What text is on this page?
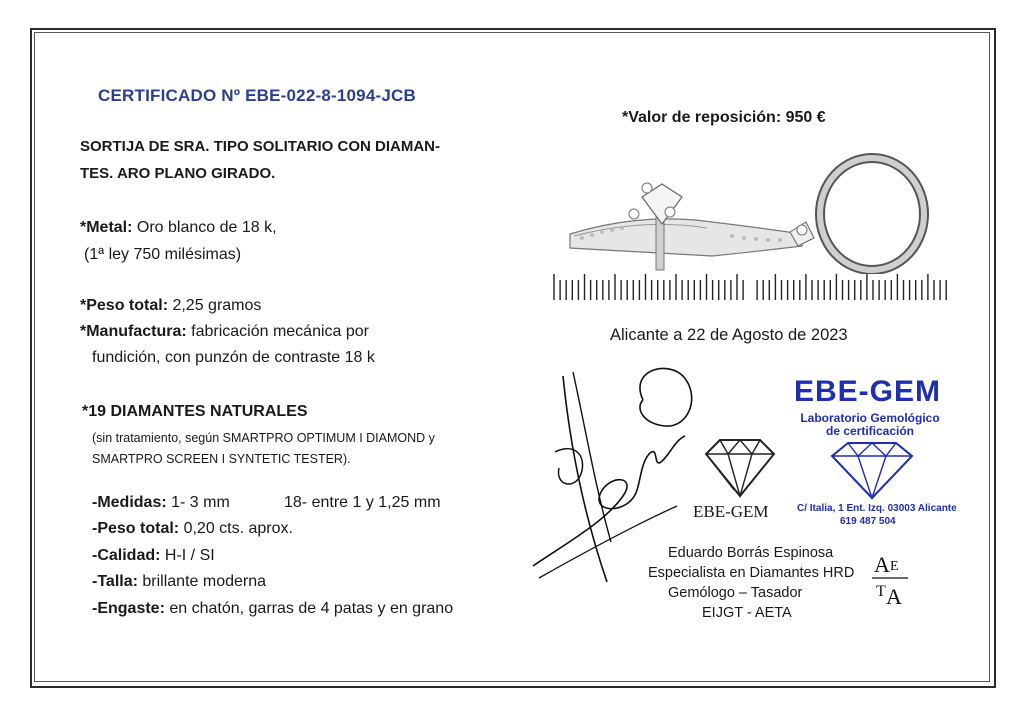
CERTIFICADO Nº EBE-022-8-1094-JCB
SORTIJA DE SRA. TIPO SOLITARIO CON DIAMAN-
TES. ARO PLANO GIRADO.
*Metal: Oro blanco de 18 k,
(1ª ley 750 milésimas)
*Peso total: 2,25 gramos
*Manufactura: fabricación mecánica por
fundición, con punzón de contraste 18 k
*19 DIAMANTES NATURALES
(sin tratamiento, según SMARTPRO OPTIMUM I DIAMOND y
SMARTPRO SCREEN I SYNTETIC TESTER).
-Medidas: 1- 3 mm	18- entre 1 y 1,25 mm
-Peso total: 0,20 cts. aprox.
-Calidad: H-I / SI
-Talla: brillante moderna
-Engaste: en chatón, garras de 4 patas y en grano
*Valor de reposición: 950 €
Alicante a 22 de Agosto de 2023
EBE-GEM
EBE-GEM
Laboratorio Gemológico
de certificación
C/ Italia, 1 Ent. Izq. 03003 Alicante
619 487 504
Eduardo Borrás Espinosa
Especialista en Diamantes HRD
Gemólogo – Tasador
EIJGT - AETA
A E
T A
